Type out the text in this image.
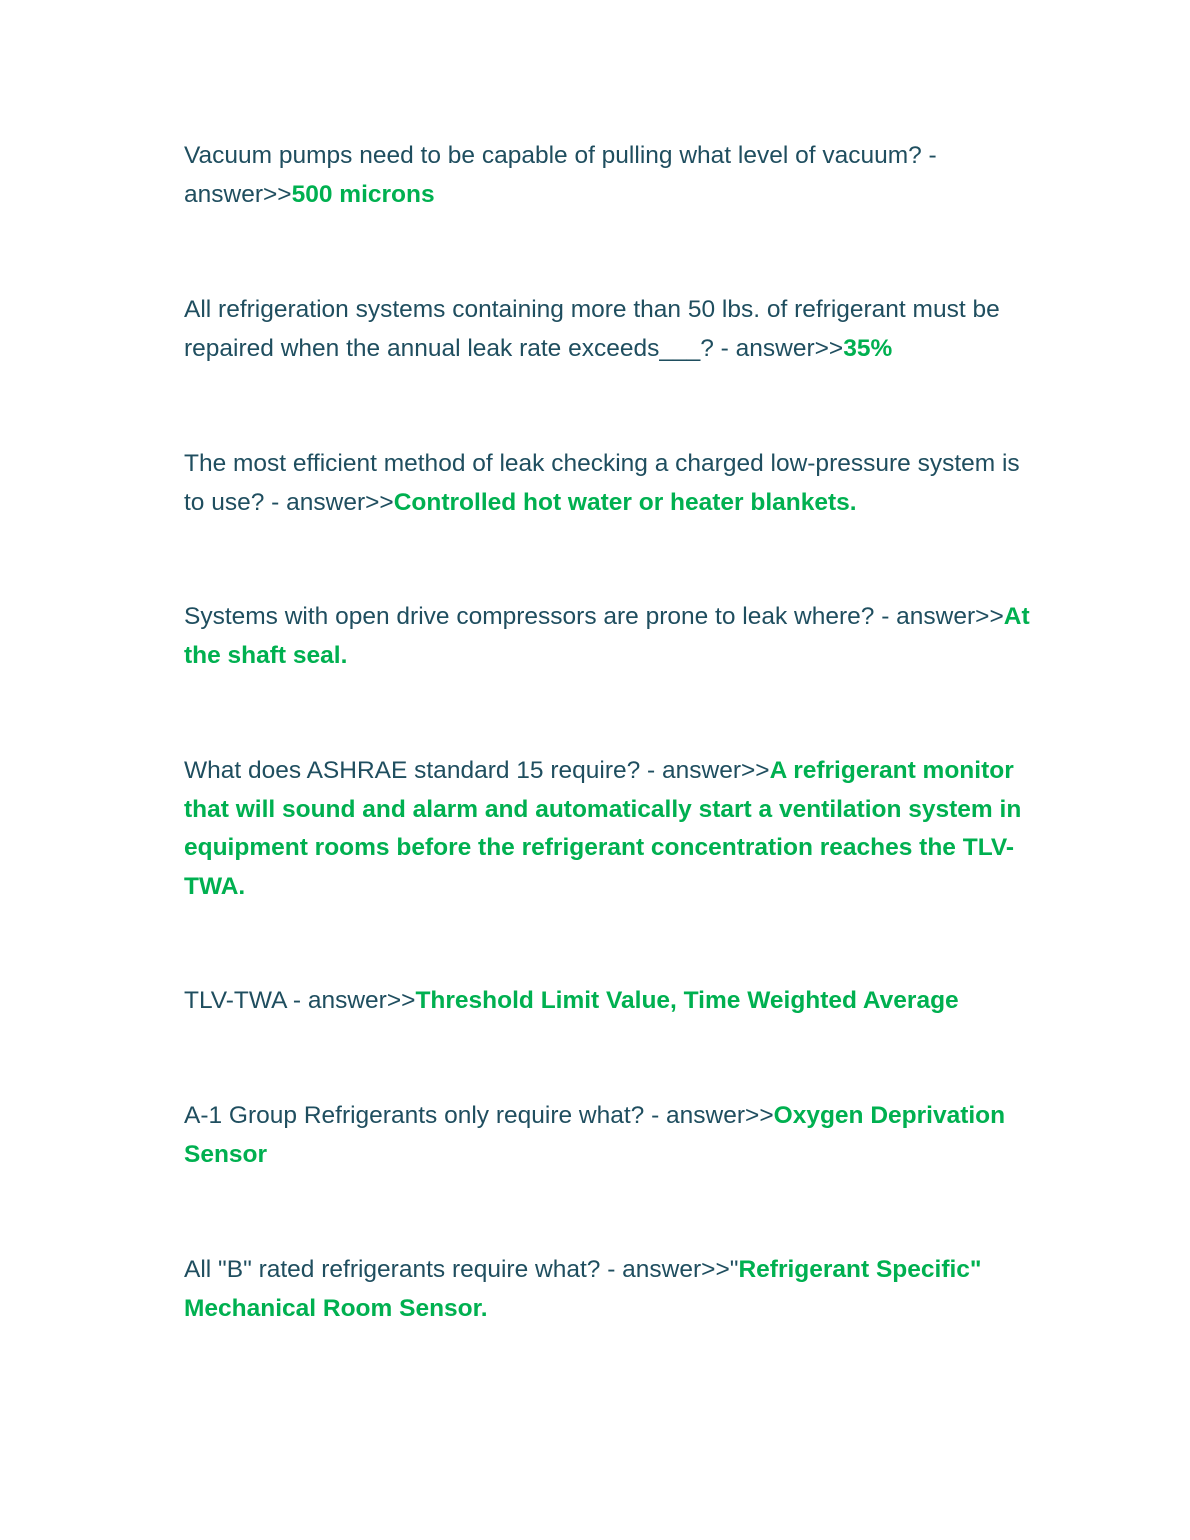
Vacuum pumps need to be capable of pulling what level of vacuum? - answer>>500 microns

All refrigeration systems containing more than 50 lbs. of refrigerant must be repaired when the annual leak rate exceeds___? - answer>>35%

The most efficient method of leak checking a charged low-pressure system is to use? - answer>>Controlled hot water or heater blankets.

Systems with open drive compressors are prone to leak where? - answer>>At the shaft seal.

What does ASHRAE standard 15 require? - answer>>A refrigerant monitor that will sound and alarm and automatically start a ventilation system in equipment rooms before the refrigerant concentration reaches the TLV-TWA.

TLV-TWA - answer>>Threshold Limit Value, Time Weighted Average

A-1 Group Refrigerants only require what? - answer>>Oxygen Deprivation Sensor

All "B" rated refrigerants require what? - answer>>"Refrigerant Specific" Mechanical Room Sensor.
